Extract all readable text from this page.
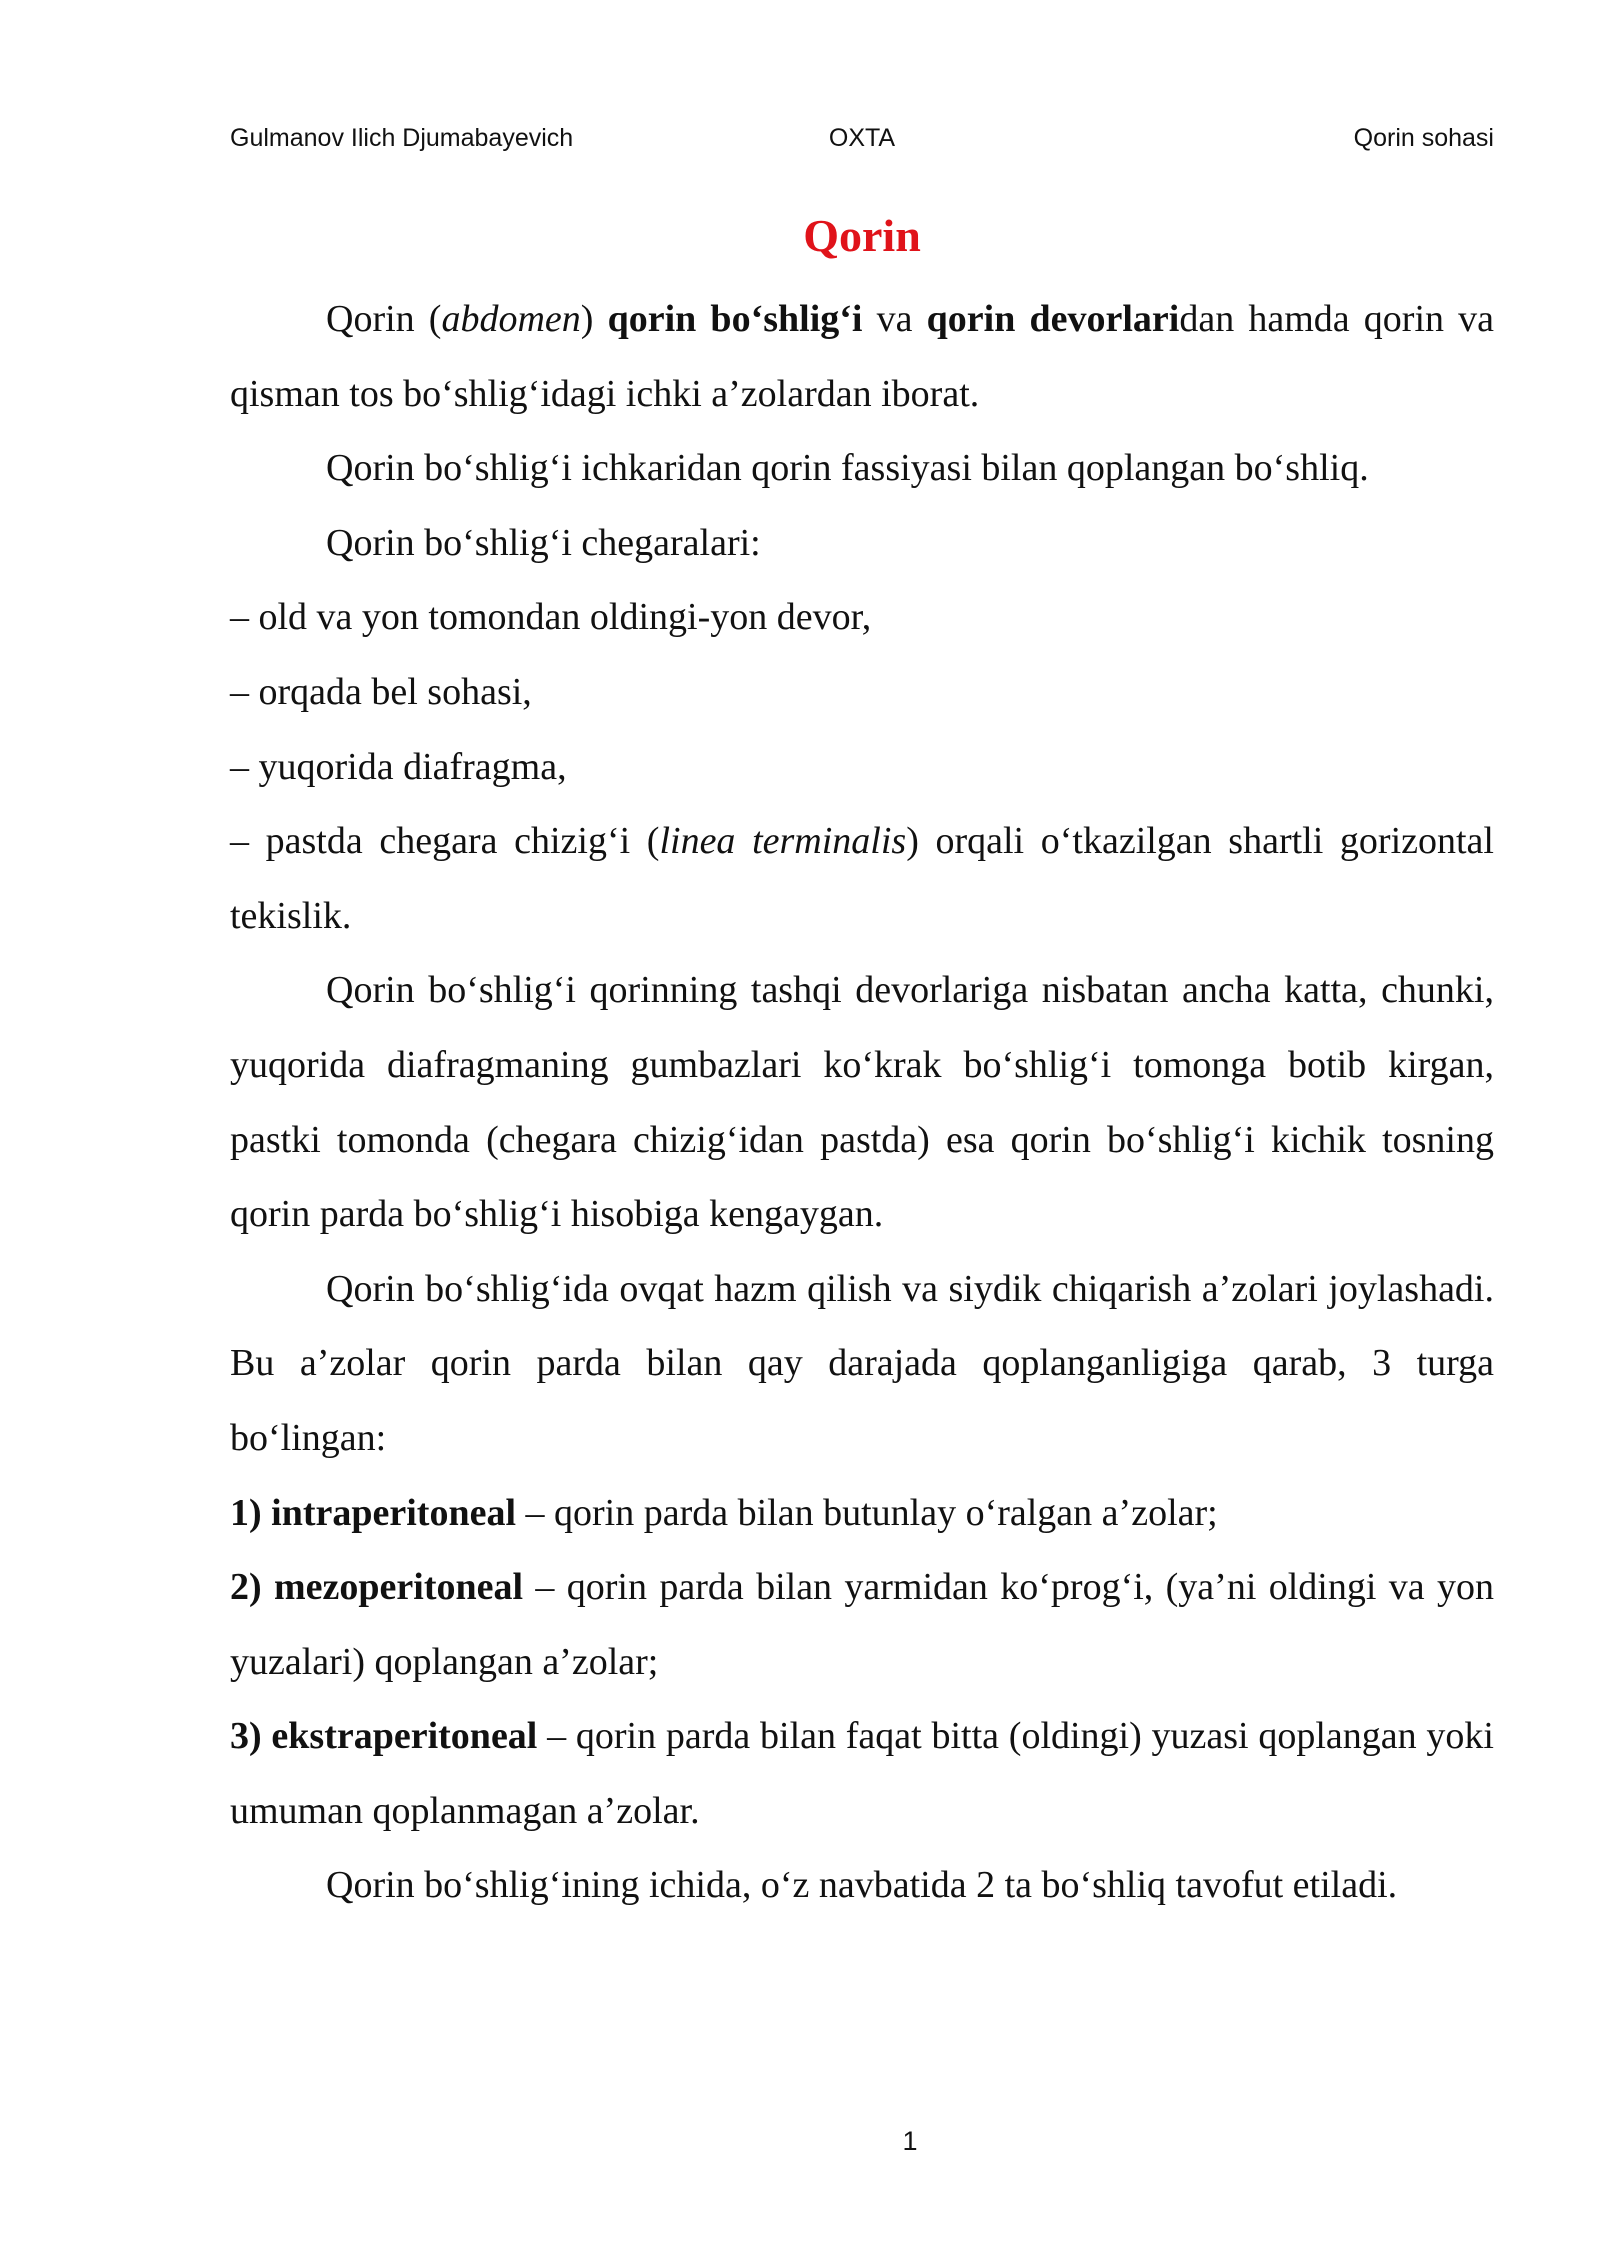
OXTA
Gulmanov Ilich Djumabayevich	Qorin sohasi
Qorin

Qorin (abdomen) qorin bo‘shlig‘i va qorin devorlaridan hamda qorin va qisman tos bo‘shlig‘idagi ichki a’zolardan iborat.

Qorin bo‘shlig‘i ichkaridan qorin fassiyasi bilan qoplangan bo‘shliq.

Qorin bo‘shlig‘i chegaralari:

– old va yon tomondan oldingi-yon devor,

– orqada bel sohasi,

– yuqorida diafragma,

– pastda chegara chizig‘i (linea terminalis) orqali o‘tkazilgan shartli gorizontal tekislik.

Qorin bo‘shlig‘i qorinning tashqi devorlariga nisbatan ancha katta, chunki, yuqorida diafragmaning gumbazlari ko‘krak bo‘shlig‘i tomonga botib kirgan, pastki tomonda (chegara chizig‘idan pastda) esa qorin bo‘shlig‘i kichik tosning qorin parda bo‘shlig‘i hisobiga kengaygan.

Qorin bo‘shlig‘ida ovqat hazm qilish va siydik chiqarish a’zolari joylashadi. Bu a’zolar qorin parda bilan qay darajada qoplanganligiga qarab, 3 turga bo‘lingan:

1) intraperitoneal – qorin parda bilan butunlay o‘ralgan a’zolar;

2) mezoperitoneal – qorin parda bilan yarmidan ko‘prog‘i, (ya’ni oldingi va yon yuzalari) qoplangan a’zolar;

3) ekstraperitoneal – qorin parda bilan faqat bitta (oldingi) yuzasi qoplangan yoki umuman qoplanmagan a’zolar.

Qorin bo‘shlig‘ining ichida, o‘z navbatida 2 ta bo‘shliq tavofut etiladi.

1
